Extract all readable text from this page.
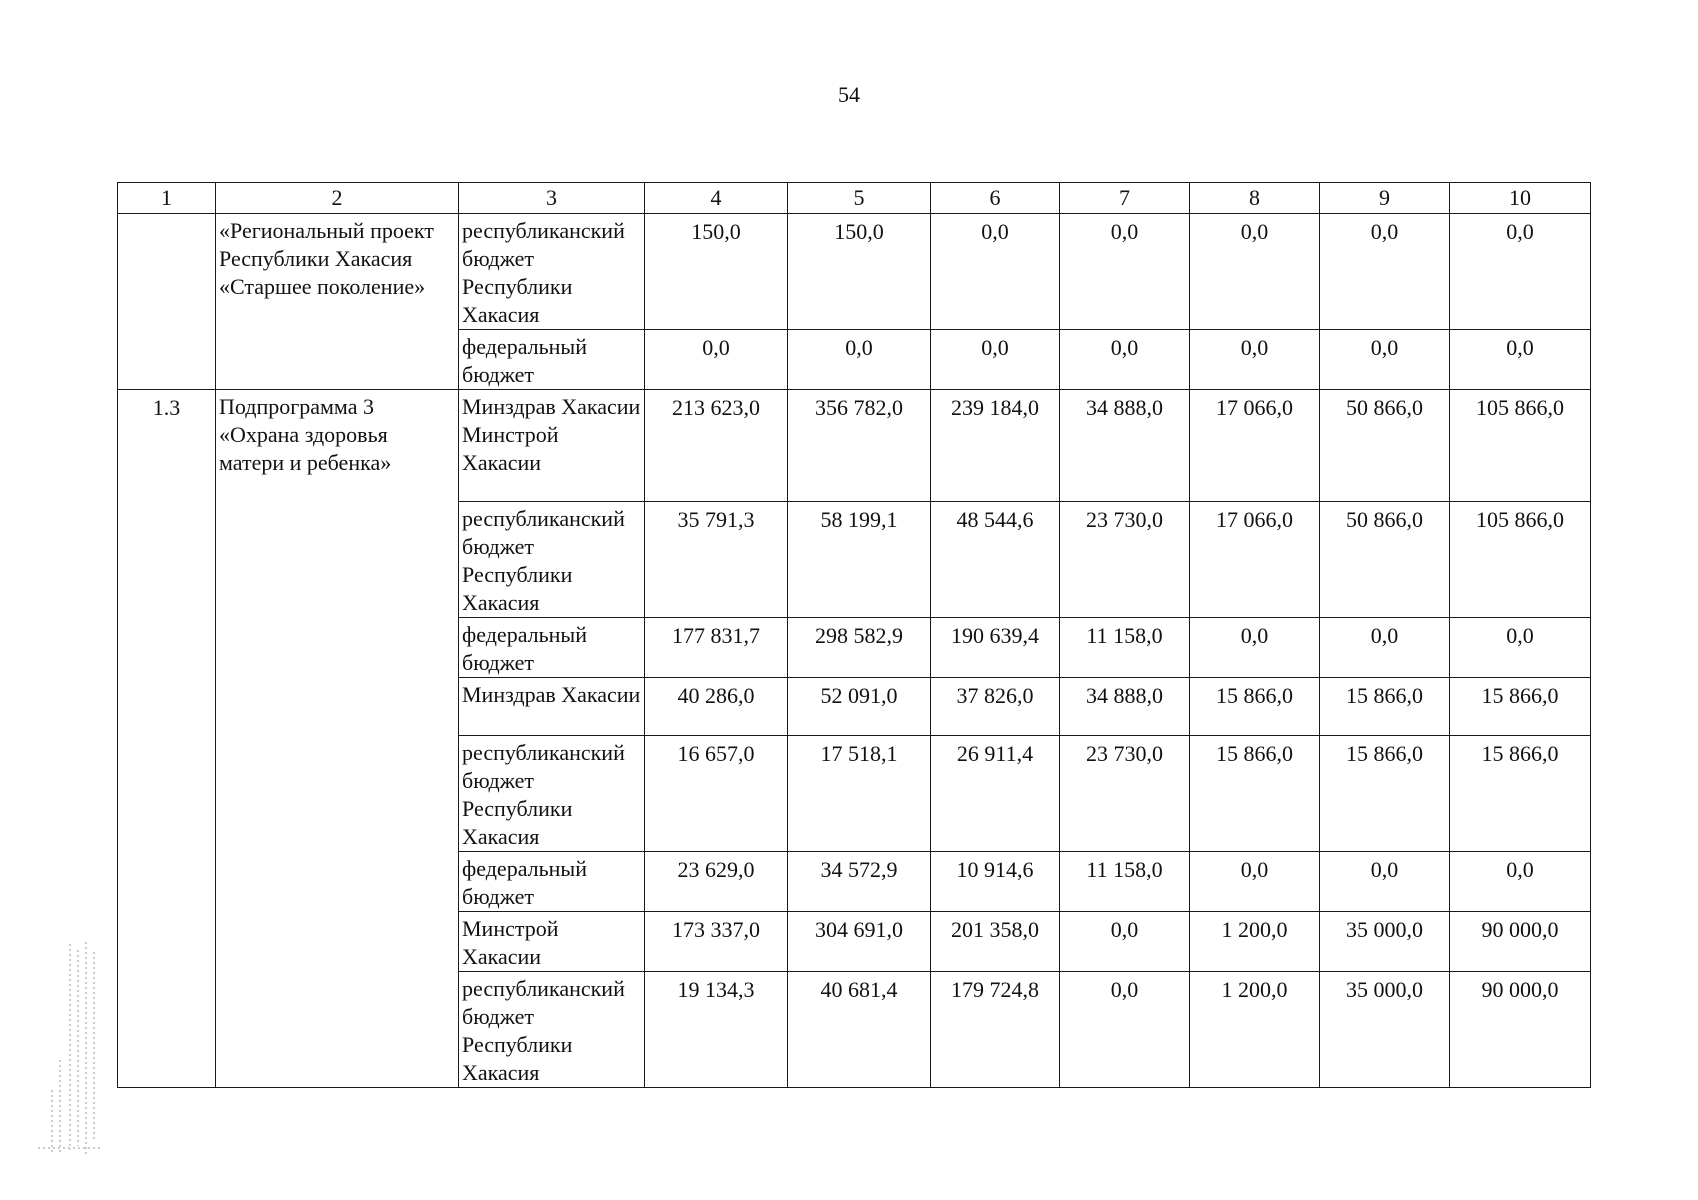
54
1	2	3	4	5	6	7	8	9	10
	«Региональный проект Республики Хакасия «Старшее поколение»	республиканский бюджет Республики Хакасия	150,0	150,0	0,0	0,0	0,0	0,0	0,0
		федеральный бюджет	0,0	0,0	0,0	0,0	0,0	0,0	0,0
1.3	Подпрограмма 3 «Охрана здоровья матери и ребенка»	Минздрав Хакасии Минстрой Хакасии	213 623,0	356 782,0	239 184,0	34 888,0	17 066,0	50 866,0	105 866,0
		республиканский бюджет Республики Хакасия	35 791,3	58 199,1	48 544,6	23 730,0	17 066,0	50 866,0	105 866,0
		федеральный бюджет	177 831,7	298 582,9	190 639,4	11 158,0	0,0	0,0	0,0
		Минздрав Хакасии	40 286,0	52 091,0	37 826,0	34 888,0	15 866,0	15 866,0	15 866,0
		республиканский бюджет Республики Хакасия	16 657,0	17 518,1	26 911,4	23 730,0	15 866,0	15 866,0	15 866,0
		федеральный бюджет	23 629,0	34 572,9	10 914,6	11 158,0	0,0	0,0	0,0
		Минстрой Хакасии	173 337,0	304 691,0	201 358,0	0,0	1 200,0	35 000,0	90 000,0
		республиканский бюджет Республики Хакасия	19 134,3	40 681,4	179 724,8	0,0	1 200,0	35 000,0	90 000,0
